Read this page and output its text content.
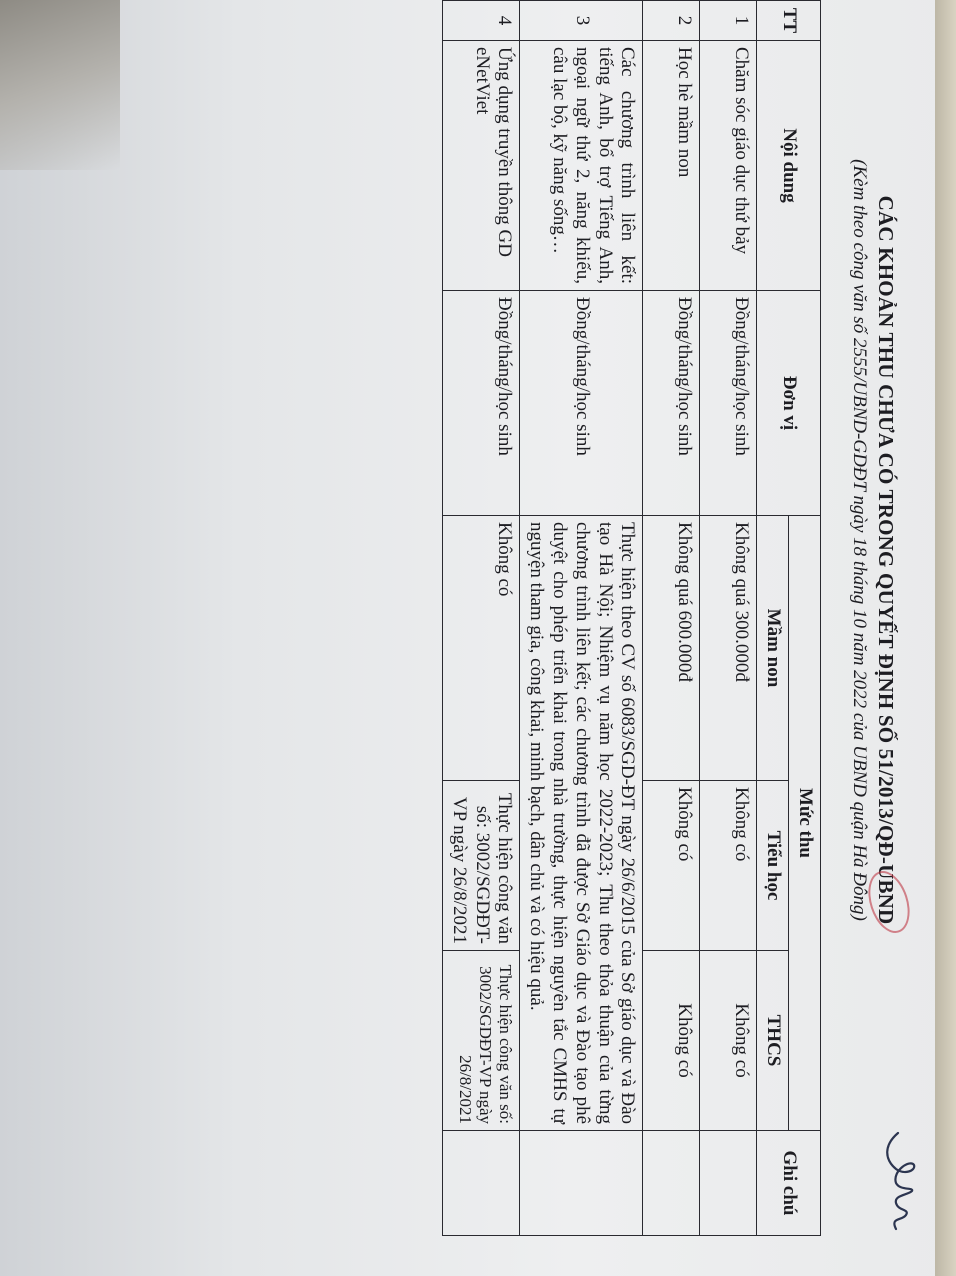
CÁC KHOẢN THU CHƯA CÓ TRONG QUYẾT ĐỊNH SỐ 51/2013/QĐ-UBND
(Kèm theo công văn số 2555/UBND-GDĐT ngày 18 tháng 10 năm 2022 của UBND quận Hà Đông)
TT	Nội dung	Đơn vị	Mức thu			Ghi chú
			Mầm non	Tiểu học	THCS	
1	Chăm sóc giáo dục thứ bảy	Đồng/tháng/học sinh	Không quá 300.000đ	Không có	Không có	
2	Học hè mầm non	Đồng/tháng/học sinh	Không quá 600.000đ	Không có	Không có	
3	Các chương trình liên kết: tiếng Anh, bổ trợ Tiếng Anh, ngoại ngữ thứ 2, năng khiếu, câu lạc bộ, kỹ năng sống…	Đồng/tháng/học sinh	Thực hiện theo CV số 6083/SGD-ĐT ngày 26/6/2015 của Sở giáo dục và Đào tạo Hà Nội; Nhiệm vụ năm học 2022-2023; Thu theo thỏa thuận của từng chương trình liên kết; các chương trình đã được Sở Giáo dục và Đào tạo phê duyệt cho phép triển khai trong nhà trường, thực hiện nguyên tắc CMHS tự nguyện tham gia, công khai, minh bạch, dân chủ và có hiệu quả.			
4	Ứng dụng truyền thông GD eNetViet	Đồng/tháng/học sinh	Không có	Thực hiện công văn số: 3002/SGDĐT-VP ngày 26/8/2021	Thực hiện công văn số: 3002/SGDĐT-VP ngày 26/8/2021	
